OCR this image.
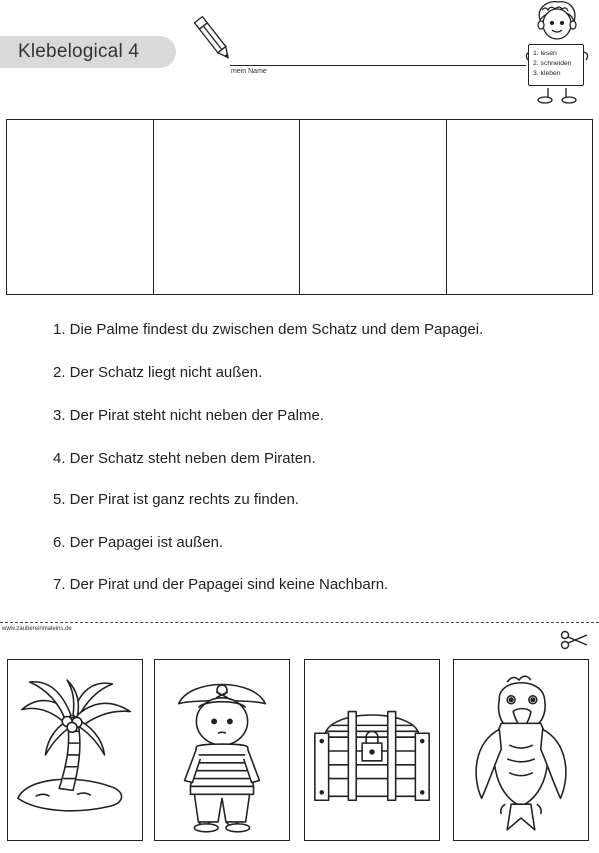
Klebelogical 4
mein Name
1. lesen
2. schneiden
3. kleben
1. Die Palme findest du zwischen dem Schatz und dem Papagei.
2. Der Schatz liegt nicht außen.
3. Der Pirat steht nicht neben der Palme.
4. Der Schatz steht neben dem Piraten.
5. Der Pirat ist ganz rechts zu finden.
6. Der Papagei ist außen.
7. Der Pirat und der Papagei sind keine Nachbarn.
www.zaubereinmaleins.de
